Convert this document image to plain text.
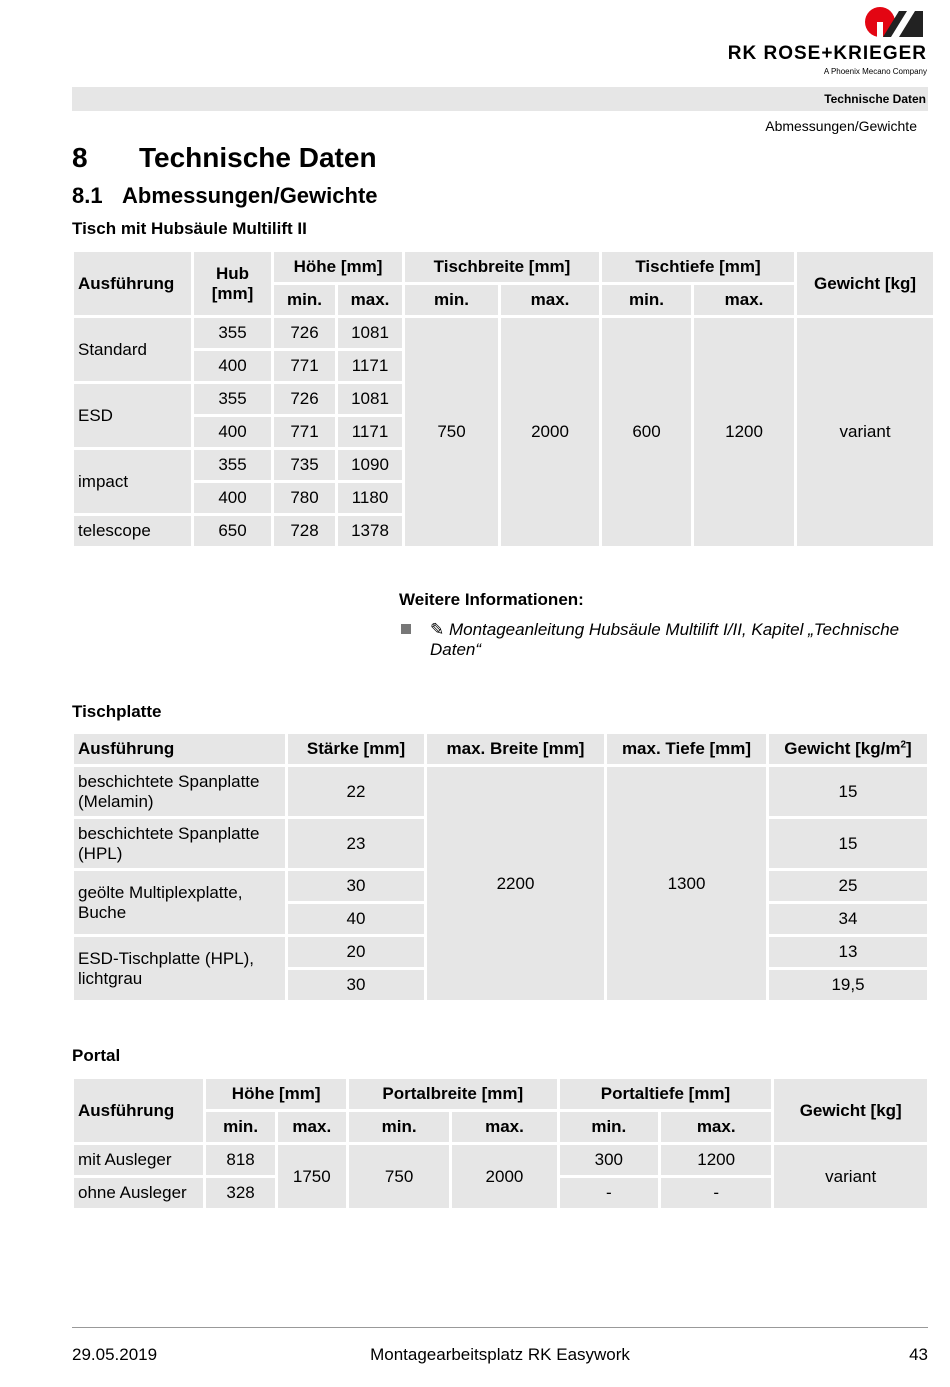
RK ROSE+KRIEGER
A Phoenix Mecano Company
Technische Daten
Abmessungen/Gewichte
8 Technische Daten
8.1 Abmessungen/Gewichte
Tisch mit Hubsäule Multilift II
Ausführung	Hub [mm]	Höhe [mm]		Tischbreite [mm]		Tischtiefe [mm]		Gewicht [kg]
		min.	max.	min.	max.	min.	max.	
Standard	355	726	1081	750	2000	600	1200	variant
	400	771	1171					
ESD	355	726	1081					
	400	771	1171					
impact	355	735	1090					
	400	780	1180					
telescope	650	728	1378					
Weitere Informationen:
✎ Montageanleitung Hubsäule Multilift I/II, Kapitel „Technische Daten“
Tischplatte
Ausführung	Stärke [mm]	max. Breite [mm]	max. Tiefe [mm]	Gewicht $[kg/m^2]$
beschichtete Spanplatte (Melamin)	22	2200	1300	15
beschichtete Spanplatte (HPL)	23			15
geölte Multiplexplatte, Buche	30			25
	40			34
ESD-Tischplatte (HPL), lichtgrau	20			13
	30			19,5
Portal
Ausführung	Höhe [mm]		Portalbreite [mm]		Portaltiefe [mm]		Gewicht [kg]
	min.	max.	min.	max.	min.	max.	
mit Ausleger	818	1750	750	2000	300	1200	variant
ohne Ausleger	328				-	-	
29.05.2019	Montagearbeitsplatz RK Easywork	43
